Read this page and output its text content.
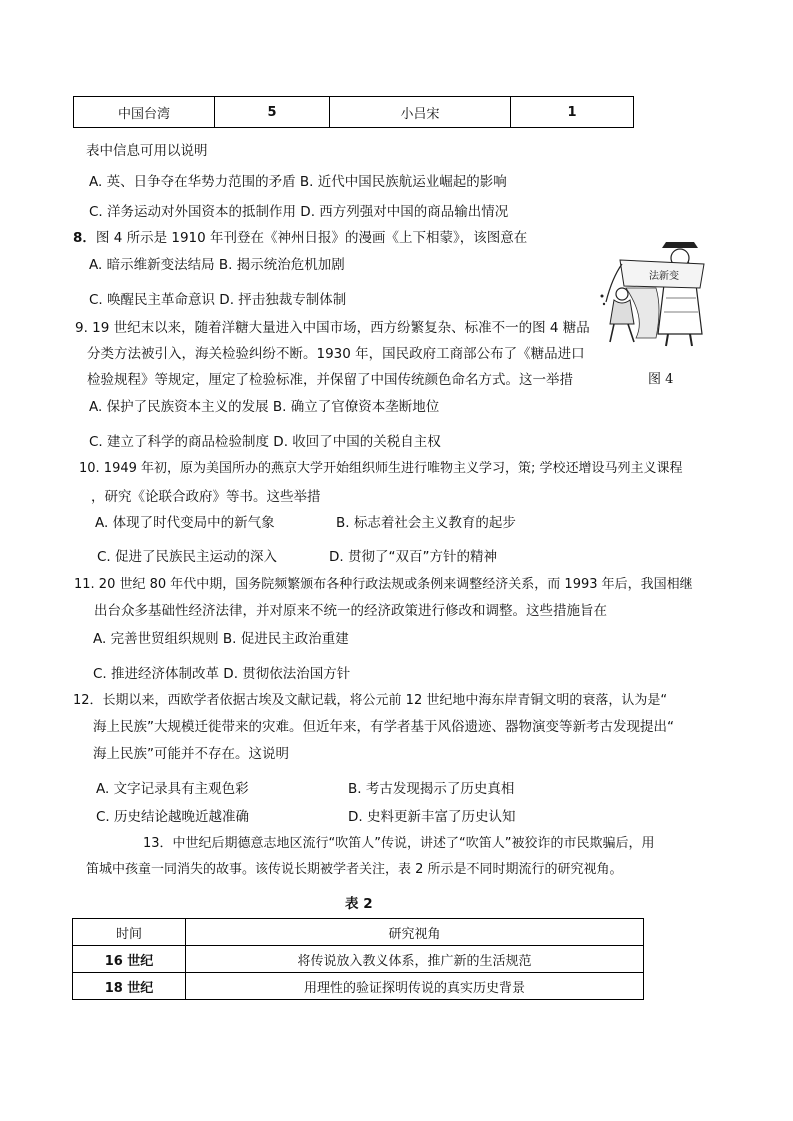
中国台湾	5	小吕宋	1
表中信息可用以说明
A. 英、日争夺在华势力范围的矛盾 B. 近代中国民族航运业崛起的影响
C. 洋务运动对外国资本的抵制作用 D. 西方列强对中国的商品输出情况
8．图 4 所示是 1910 年刊登在《神州日报》的漫画《上下相蒙》，该图意在
A. 暗示维新变法结局 B. 揭示统治危机加剧
C. 唤醒民主革命意识 D. 抨击独裁专制体制
法新变
图 4
9. 19 世纪末以来，随着洋糖大量进入中国市场，西方纷繁复杂、标准不一的图 4 糖品
分类方法被引入，海关检验纠纷不断。1930 年，国民政府工商部公布了《糖品进口
检验规程》等规定，厘定了检验标准，并保留了中国传统颜色命名方式。这一举措
A. 保护了民族资本主义的发展 B. 确立了官僚资本垄断地位
C. 建立了科学的商品检验制度 D. 收回了中国的关税自主权
10. 1949 年初，原为美国所办的燕京大学开始组织师生进行唯物主义学习，策; 学校还增设马列主义课程
，研究《论联合政府》等书。这些举措
A. 体现了时代变局中的新气象	B. 标志着社会主义教育的起步
C. 促进了民族民主运动的深入	D. 贯彻了“双百”方针的精神
11. 20 世纪 80 年代中期，国务院频繁颁布各种行政法规或条例来调整经济关系，而 1993 年后，我国相继
出台众多基础性经济法律，并对原来不统一的经济政策进行修改和调整。这些措施旨在
A. 完善世贸组织规则 B. 促进民主政治重建
C. 推进经济体制改革 D. 贯彻依法治国方针
12．长期以来，西欧学者依据古埃及文献记载，将公元前 12 世纪地中海东岸青铜文明的衰落，认为是“
海上民族”大规模迁徙带来的灾难。但近年来，有学者基于风俗遗迹、器物演变等新考古发现提出“
海上民族”可能并不存在。这说明
A. 文字记录具有主观色彩	B. 考古发现揭示了历史真相
C. 历史结论越晚近越准确	D. 史料更新丰富了历史认知
13．中世纪后期德意志地区流行“吹笛人”传说，讲述了“吹笛人”被狡诈的市民欺骗后，用
笛城中孩童一同消失的故事。该传说长期被学者关注，表 2 所示是不同时期流行的研究视角。
表 2
时间	研究视角
16 世纪	将传说放入教义体系，推广新的生活规范
18 世纪	用理性的验证探明传说的真实历史背景
